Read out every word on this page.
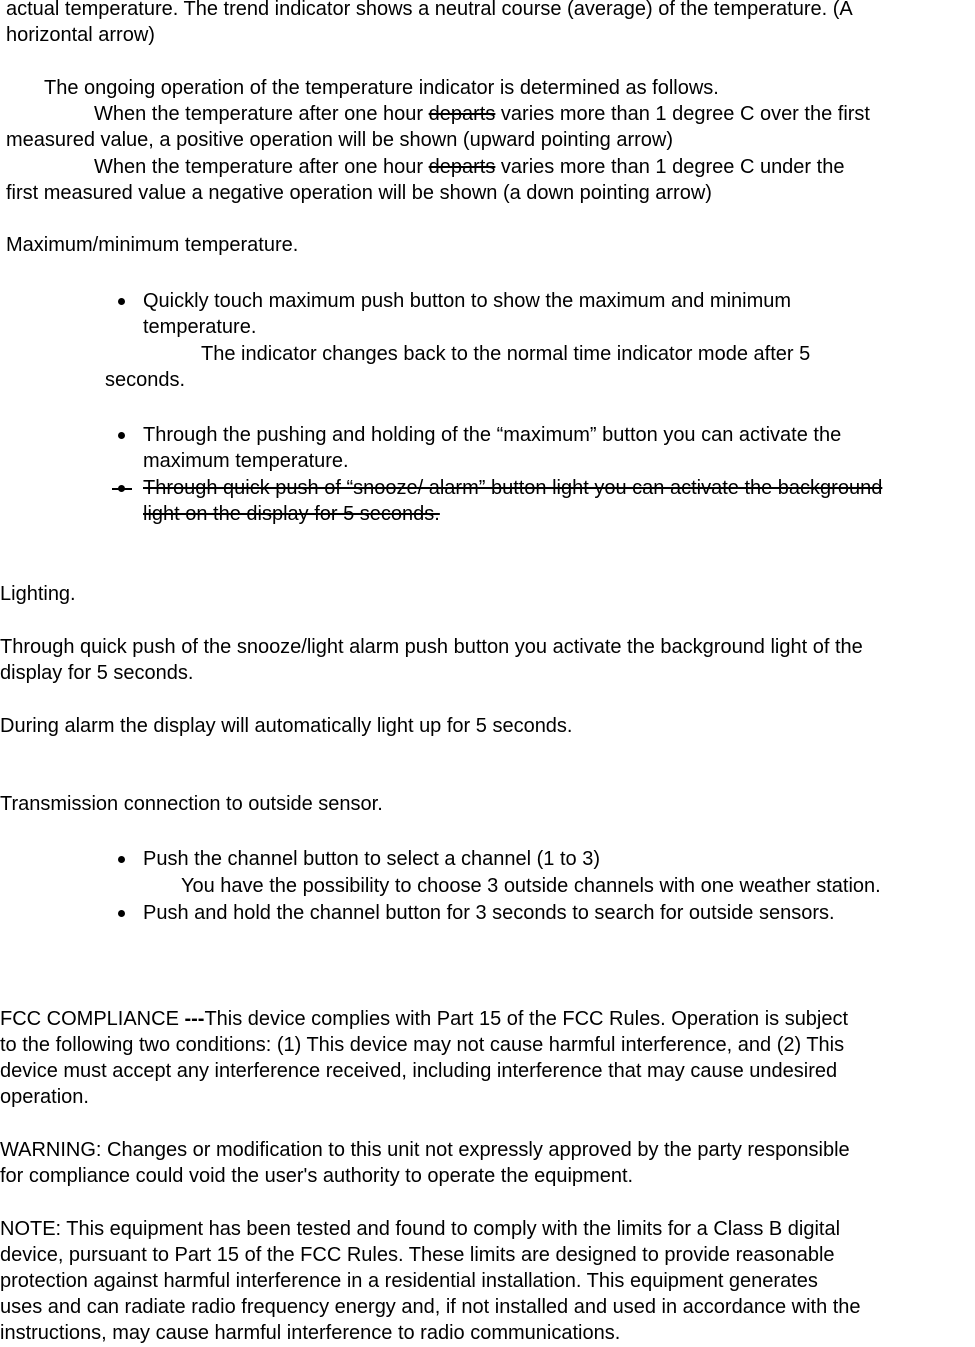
actual temperature. The trend indicator shows a neutral course (average) of the temperature. (A

horizontal arrow)

The ongoing operation of the temperature indicator is determined as follows.

When the temperature after one hour departs varies more than 1 degree C over the first

measured value, a positive operation will be shown (upward pointing arrow)

When the temperature after one hour departs varies more than 1 degree C under the

first measured value a negative operation will be shown (a down pointing arrow)

Maximum/minimum temperature.

Quickly touch maximum push button to show the maximum and minimum

temperature.

The indicator changes back to the normal time indicator mode after 5

seconds.

Through the pushing and holding of the “maximum” button you can activate the

maximum temperature.

Through quick push of “snooze/ alarm” button light you can activate the background

light on the display for 5 seconds.

Lighting.

Through quick push of the snooze/light alarm push button you activate the background light of the

display for 5 seconds.

During alarm the display will automatically light up for 5 seconds.

Transmission connection to outside sensor.

Push the channel button to select a channel (1 to 3)

You have the possibility to choose 3 outside channels with one weather station.

Push and hold the channel button for 3 seconds to search for outside sensors.

FCC COMPLIANCE ---This device complies with Part 15 of the FCC Rules. Operation is subject

to the following two conditions: (1) This device may not cause harmful interference, and (2) This

device must accept any interference received, including interference that may cause undesired

operation.

WARNING: Changes or modification to this unit not expressly approved by the party responsible

for compliance could void the user's authority to operate the equipment.

NOTE: This equipment has been tested and found to comply with the limits for a Class B digital

device, pursuant to Part 15 of the FCC Rules. These limits are designed to provide reasonable

protection against harmful interference in a residential installation. This equipment generates

uses and can radiate radio frequency energy and, if not installed and used in accordance with the

instructions, may cause harmful interference to radio communications.
